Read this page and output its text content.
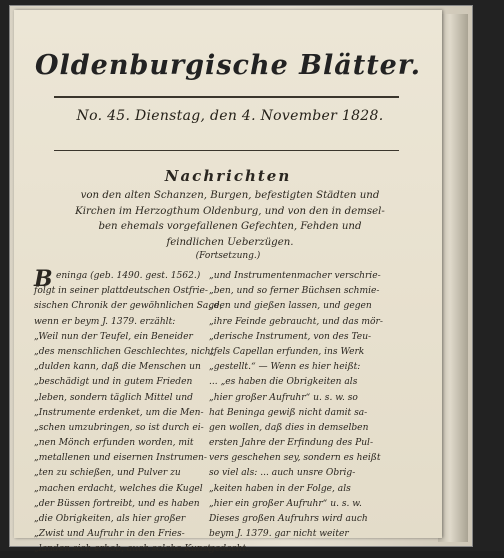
Oldenburgische Blätter.
No. 45. Dienstag, den 4. November 1828.
Nachrichten
von den alten Schanzen, Burgen, befestigten Städten und
Kirchen im Herzogthum Oldenburg, und von den in demsel-
ben ehemals vorgefallenen Gefechten, Fehden und
feindlichen Ueberzügen.
(Fortsetzung.)
B eninga (geb. 1490. gest. 1562.)
folgt in seiner plattdeutschen Ostfrie-
sischen Chronik der gewöhnlichen Sage,
wenn er beym J. 1379. erzählt:
„Weil nun der Teufel, ein Beneider
„des menschlichen Geschlechtes, nicht
„dulden kann, daß die Menschen un
„beschädigt und in gutem Frieden
„leben, sondern täglich Mittel und
„Instrumente erdenket, um die Men-
„schen umzubringen, so ist durch ei-
„nen Mönch erfunden worden, mit
„metallenen und eisernen Instrumen-
„ten zu schießen, und Pulver zu
„machen erdacht, welches die Kugel
„der Büssen fortreibt, und es haben
„die Obrigkeiten, als hier großer
„Zwist und Aufruhr in den Fries-
„landen sich erhob, auch solche Kunst
„und Instrumentenmacher verschrie-
„ben, und so ferner Büchsen schmie-
„den und gießen lassen, und gegen
„ihre Feinde gebraucht, und das mör-
„derische Instrument, von des Teu-
„fels Capellan erfunden, ins Werk
„gestellt.“ — Wenn es hier heißt:
... „es haben die Obrigkeiten als
„hier großer Aufruhr“ u. s. w. so
hat Beninga gewiß nicht damit sa-
gen wollen, daß dies in demselben
ersten Jahre der Erfindung des Pul-
vers geschehen sey, sondern es heißt
so viel als: ... auch unsre Obrig-
„keiten haben in der Folge, als
„hier ein großer Aufruhr“ u. s. w.
Dieses großen Aufruhrs wird auch
beym J. 1379. gar nicht weiter
gedacht.
